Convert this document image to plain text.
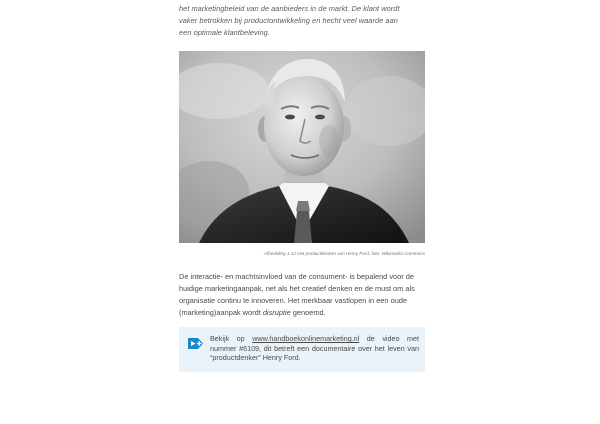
het marketingbeleid van de aanbieders in de markt. De klant wordt
vaker betrokken bij productontwikkeling en hecht veel waarde aan
een optimale klantbeleving.
Afbeelding 1.12 Het productdenken van Henry Ford, foto: Wikimedia Commons
De interactie- en machtsinvloed van de consument- is bepalend voor de
huidige marketingaanpak, net als het creatief denken en de must om als
organisatie continu te innoveren. Het merkbaar vastlopen in een oude
(marketing)aanpak wordt disruptie genoemd.
Bekijk op www.handboekonlinemarketing.nl de video met nummer #6109, dit betreft een documentaire over het leven van “productdenker” Henry Ford.
